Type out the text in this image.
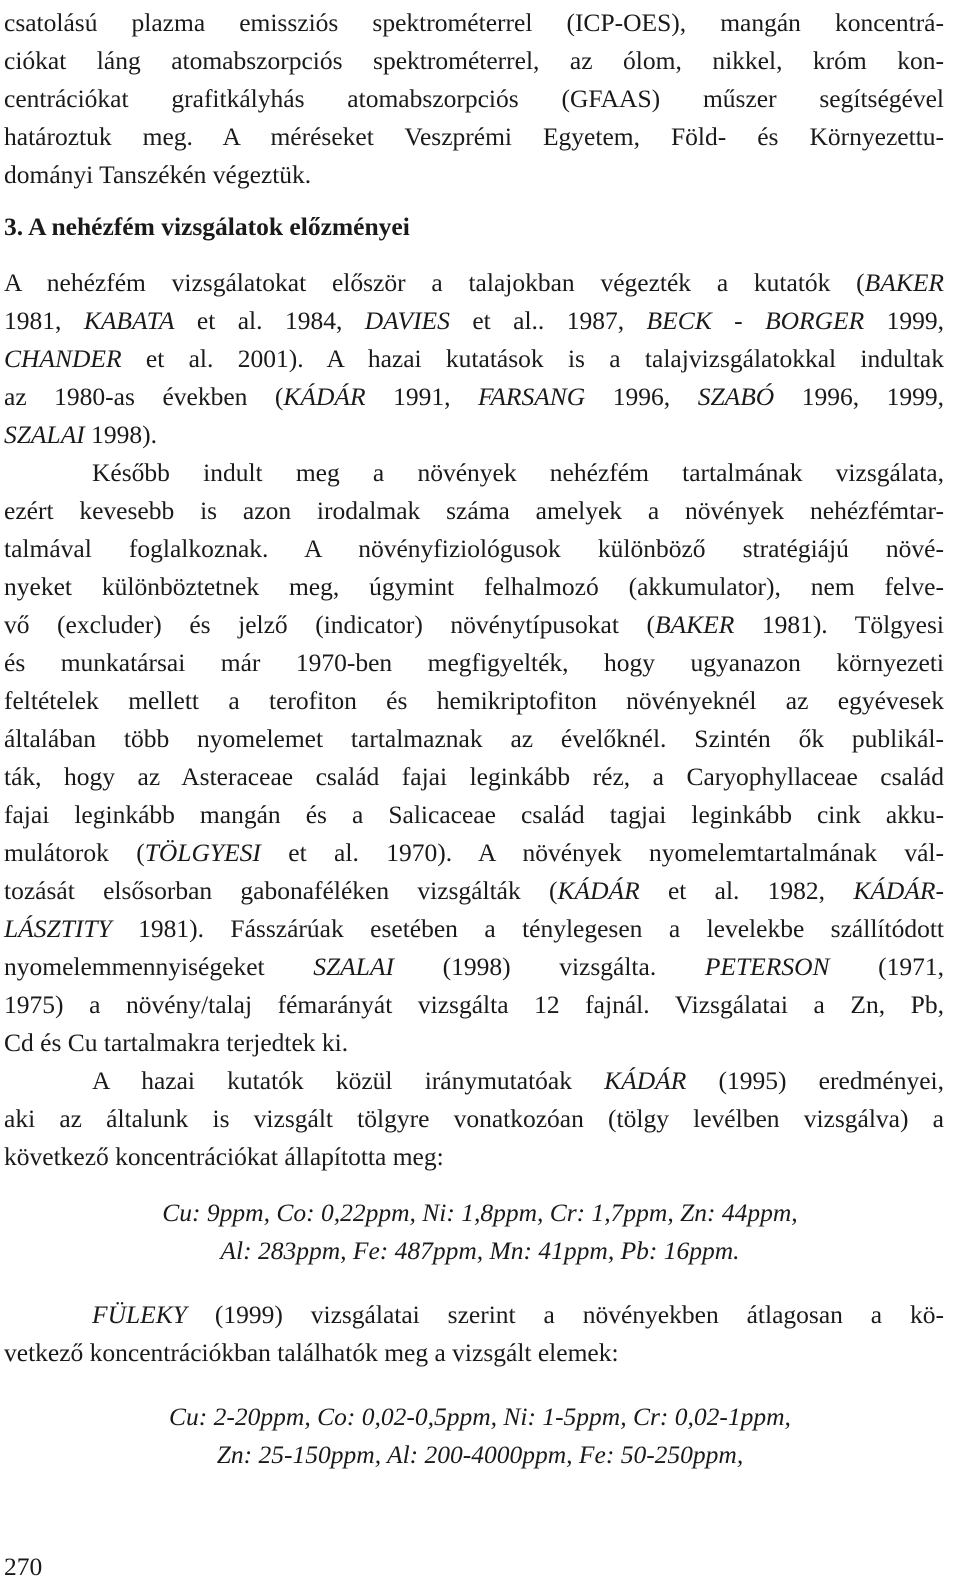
csatolású plazma emissziós spektrométerrel (ICP-OES), mangán koncentrá-
ciókat láng atomabszorpciós spektrométerrel, az ólom, nikkel, króm kon-
centrációkat grafitkályhás atomabszorpciós (GFAAS) műszer segítségével
határoztuk meg. A méréseket Veszprémi Egyetem, Föld- és Környezettu-
dományi Tanszékén végeztük.
3. A nehézfém vizsgálatok előzményei
A nehézfém vizsgálatokat először a talajokban végezték a kutatók (BAKER
1981, KABATA et al. 1984, DAVIES et al.. 1987, BECK - BORGER 1999,
CHANDER et al. 2001). A hazai kutatások is a talajvizsgálatokkal indultak
az 1980-as években (KÁDÁR 1991, FARSANG 1996, SZABÓ 1996, 1999,
SZALAI 1998).
Később indult meg a növények nehézfém tartalmának vizsgálata,
ezért kevesebb is azon irodalmak száma amelyek a növények nehézfémtar-
talmával foglalkoznak. A növényfiziológusok különböző stratégiájú növé-
nyeket különböztetnek meg, úgymint felhalmozó (akkumulator), nem felve-
vő (excluder) és jelző (indicator) növénytípusokat (BAKER 1981). Tölgyesi
és munkatársai már 1970-ben megfigyelték, hogy ugyanazon környezeti
feltételek mellett a terofiton és hemikriptofiton növényeknél az egyévesek
általában több nyomelemet tartalmaznak az évelőknél. Szintén ők publikál-
ták, hogy az Asteraceae család fajai leginkább réz, a Caryophyllaceae család
fajai leginkább mangán és a Salicaceae család tagjai leginkább cink akku-
mulátorok (TÖLGYESI et al. 1970). A növények nyomelemtartalmának vál-
tozását elsősorban gabonaféléken vizsgálták (KÁDÁR et al. 1982, KÁDÁR-
LÁSZTITY 1981). Fásszárúak esetében a ténylegesen a levelekbe szállítódott
nyomelemmennyiségeket SZALAI (1998) vizsgálta. PETERSON (1971,
1975) a növény/talaj fémarányát vizsgálta 12 fajnál. Vizsgálatai a Zn, Pb,
Cd és Cu tartalmakra terjedtek ki.
A hazai kutatók közül iránymutatóak KÁDÁR (1995) eredményei,
aki az általunk is vizsgált tölgyre vonatkozóan (tölgy levélben vizsgálva) a
következő koncentrációkat állapította meg:
Cu: 9ppm, Co: 0,22ppm, Ni: 1,8ppm, Cr: 1,7ppm, Zn: 44ppm,
Al: 283ppm, Fe: 487ppm, Mn: 41ppm, Pb: 16ppm.
FÜLEKY (1999) vizsgálatai szerint a növényekben átlagosan a kö-
vetkező koncentrációkban találhatók meg a vizsgált elemek:
Cu: 2-20ppm, Co: 0,02-0,5ppm, Ni: 1-5ppm, Cr: 0,02-1ppm,
Zn: 25-150ppm, Al: 200-4000ppm, Fe: 50-250ppm,
270
